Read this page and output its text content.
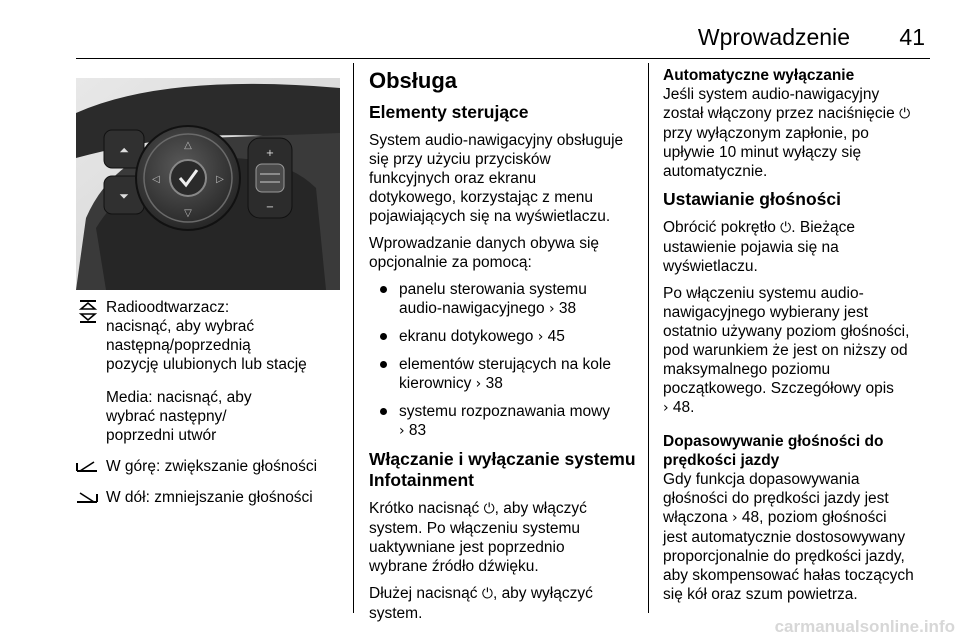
Wprowadzenie	41
⏶
⏷
△
▽
◁	▷
+
−
Radioodtwarzacz:
nacisnąć, aby wybrać
następną/poprzednią
pozycję ulubionych lub stację
Media: nacisnąć, aby
wybrać następny/
poprzedni utwór
W górę: zwiększanie głośności
W dół: zmniejszanie głośności
Obsługa
Elementy sterujące

System audio-nawigacyjny obsługuje
się przy użyciu przycisków
funkcyjnych oraz ekranu
dotykowego, korzystając z menu
pojawiających się na wyświetlaczu.

Wprowadzanie danych obywa się
opcjonalnie za pomocą:

panelu sterowania systemu
audio-nawigacyjnego › 38
ekranu dotykowego › 45
elementów sterujących na kole
kierownicy › 38
systemu rozpoznawania mowy
› 83
Włączanie i wyłączanie systemu
Infotainment

Krótko nacisnąć ⏻, aby włączyć
system. Po włączeniu systemu
uaktywniane jest poprzednio
wybrane źródło dźwięku.

Dłużej nacisnąć ⏻, aby wyłączyć
system.

Automatyczne wyłączanie

Jeśli system audio-nawigacyjny
został włączony przez naciśnięcie ⏻
przy wyłączonym zapłonie, po
upływie 10 minut wyłączy się
automatycznie.

Ustawianie głośności

Obrócić pokrętło ⏻. Bieżące
ustawienie pojawia się na
wyświetlaczu.

Po włączeniu systemu audio-
nawigacyjnego wybierany jest
ostatnio używany poziom głośności,
pod warunkiem że jest on niższy od
maksymalnego poziomu
początkowego. Szczegółowy opis
› 48.

Dopasowywanie głośności do
prędkości jazdy

Gdy funkcja dopasowywania
głośności do prędkości jazdy jest
włączona › 48, poziom głośności
jest automatycznie dostosowywany
proporcjonalnie do prędkości jazdy,
aby skompensować hałas toczących
się kół oraz szum powietrza.

carmanualsonline.info
